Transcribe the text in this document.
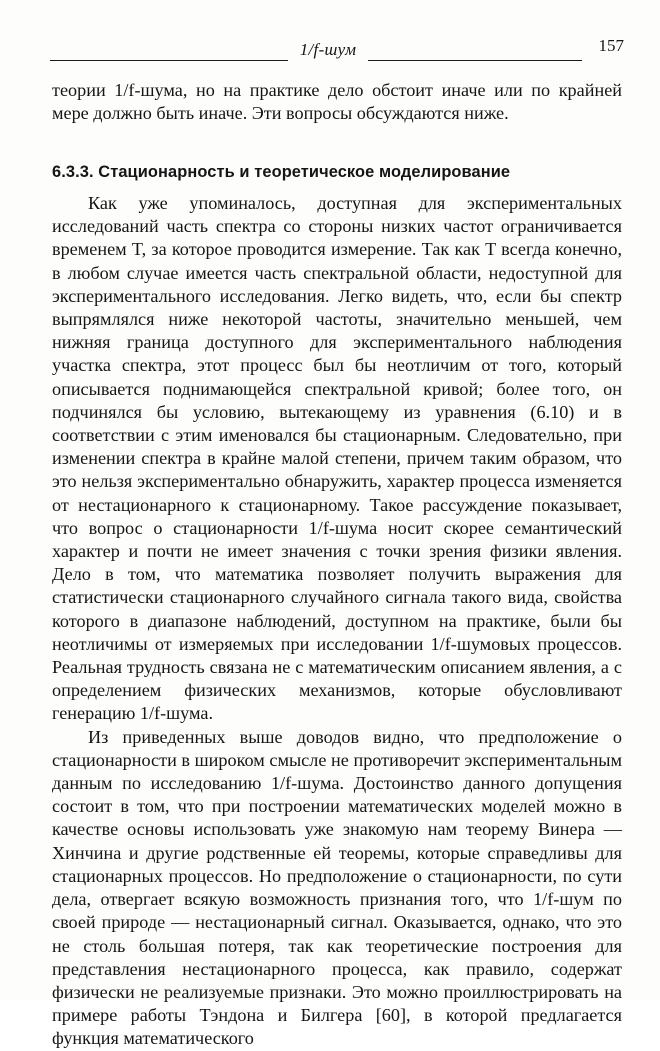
1/f-шум	157

теории 1/f-шума, но на практике дело обстоит иначе или по крайней мере должно быть иначе. Эти вопросы обсуждаются ниже.

6.3.3. Стационарность и теоретическое моделирование

Как уже упоминалось, доступная для экспериментальных исследований часть спектра со стороны низких частот ограничивается временем T, за которое проводится измерение. Так как T всегда конечно, в любом случае имеется часть спектральной области, недоступной для экспериментального исследования. Легко видеть, что, если бы спектр выпрямлялся ниже некоторой частоты, значительно меньшей, чем нижняя граница доступного для экспериментального наблюдения участка спектра, этот процесс был бы неотличим от того, который описывается поднимающейся спектральной кривой; более того, он подчинялся бы условию, вытекающему из уравнения (6.10) и в соответствии с этим именовался бы стационарным. Следовательно, при изменении спектра в крайне малой степени, причем таким образом, что это нельзя экспериментально обнаружить, характер процесса изменяется от нестационарного к стационарному. Такое рассуждение показывает, что вопрос о стационарности 1/f-шума носит скорее семантический характер и почти не имеет значения с точки зрения физики явления. Дело в том, что математика позволяет получить выражения для статистически стационарного случайного сигнала такого вида, свойства которого в диапазоне наблюдений, доступном на практике, были бы неотличимы от измеряемых при исследовании 1/f-шумовых процессов. Реальная трудность связана не с математическим описанием явления, а с определением физических механизмов, которые обусловливают генерацию 1/f-шума.

Из приведенных выше доводов видно, что предположение о стационарности в широком смысле не противоречит экспериментальным данным по исследованию 1/f-шума. Достоинство данного допущения состоит в том, что при построении математических моделей можно в качестве основы использовать уже знакомую нам теорему Винера — Хинчина и другие родственные ей теоремы, которые справедливы для стационарных процессов. Но предположение о стационарности, по сути дела, отвергает всякую возможность признания того, что 1/f-шум по своей природе — нестационарный сигнал. Оказывается, однако, что это не столь большая потеря, так как теоретические построения для представления нестационарного процесса, как правило, содержат физически не реализуемые признаки. Это можно проиллюстрировать на примере работы Тэндона и Билгера [60], в которой предлагается функция математического
